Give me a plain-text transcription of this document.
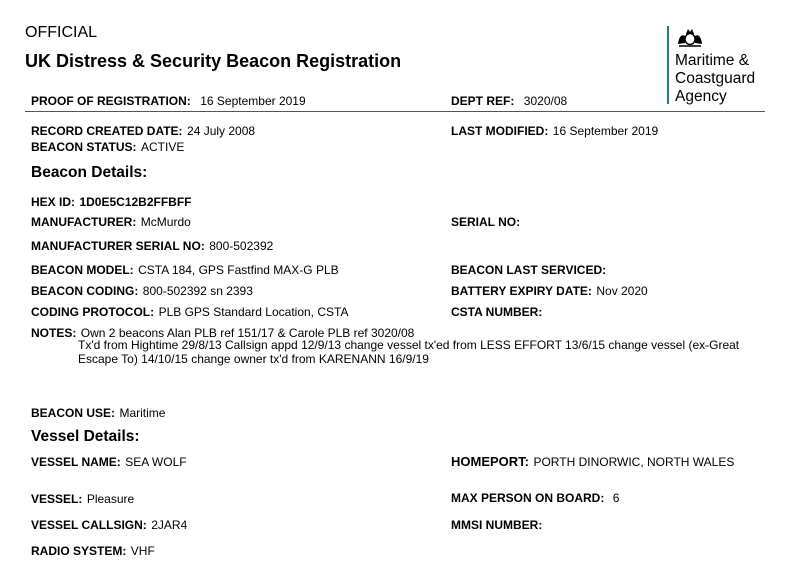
OFFICIAL
UK Distress & Security Beacon Registration	Maritime &
Coastguard
Agency
PROOF OF REGISTRATION: 16 September 2019	DEPT REF: 3020/08
RECORD CREATED DATE: 24 July 2008	LAST MODIFIED: 16 September 2019
BEACON STATUS: ACTIVE
Beacon Details:
HEX ID: 1D0E5C12B2FFBFF
MANUFACTURER: McMurdo	SERIAL NO:
MANUFACTURER SERIAL NO: 800-502392
BEACON MODEL: CSTA 184, GPS Fastfind MAX-G PLB	BEACON LAST SERVICED:
BEACON CODING: 800-502392 sn 2393	BATTERY EXPIRY DATE: Nov 2020
CODING PROTOCOL: PLB GPS Standard Location, CSTA	CSTA NUMBER:
NOTES: Own 2 beacons Alan PLB ref 151/17 & Carole PLB ref 3020/08
Tx'd from Hightime 29/8/13 Callsign appd 12/9/13 change vessel tx'ed from LESS EFFORT 13/6/15 change vessel (ex-Great Escape To) 14/10/15 change owner tx'd from KARENANN 16/9/19
BEACON USE: Maritime
Vessel Details:
VESSEL NAME: SEA WOLF	HOMEPORT: PORTH DINORWIC, NORTH WALES
VESSEL: Pleasure	MAX PERSON ON BOARD: 6
VESSEL CALLSIGN: 2JAR4	MMSI NUMBER:
RADIO SYSTEM: VHF
